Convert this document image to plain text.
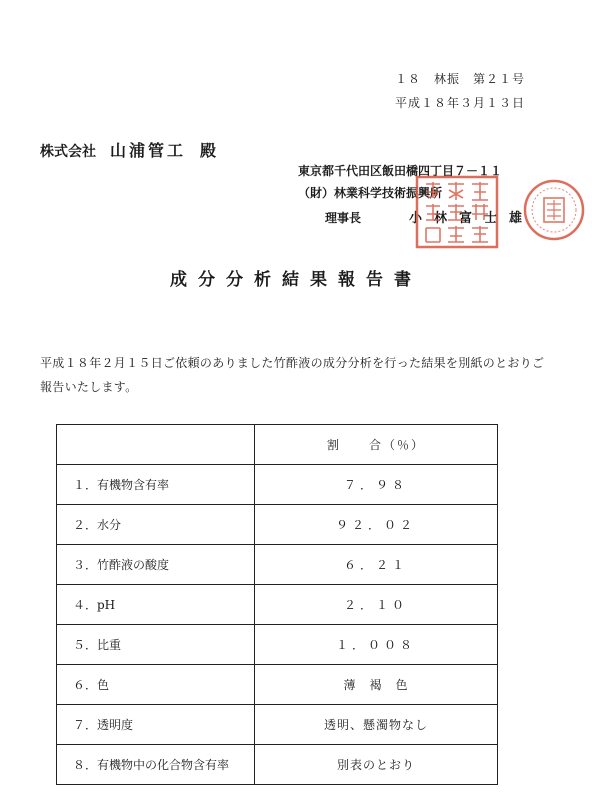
１８　林振　第２１号
平成１８年３月１３日
株式会社 山浦管工 殿
東京都千代田区飯田橋四丁目７－１１
（財）林業科学技術振興所
理事長	小林富士雄
成分分析結果報告書
平成１８年２月１５日ご依頼のありました竹酢液の成分分析を行った結果を別紙のとおりご報告いたします。
	割　　合（％）
１．有機物含有率	７．９８
２．水分	９２．０２
３．竹酢液の酸度	６．２１
４．pH	２．１０
５．比重	１．００８
６．色	薄　褐　色
７．透明度	透明、懸濁物なし
８．有機物中の化合物含有率	別表のとおり
